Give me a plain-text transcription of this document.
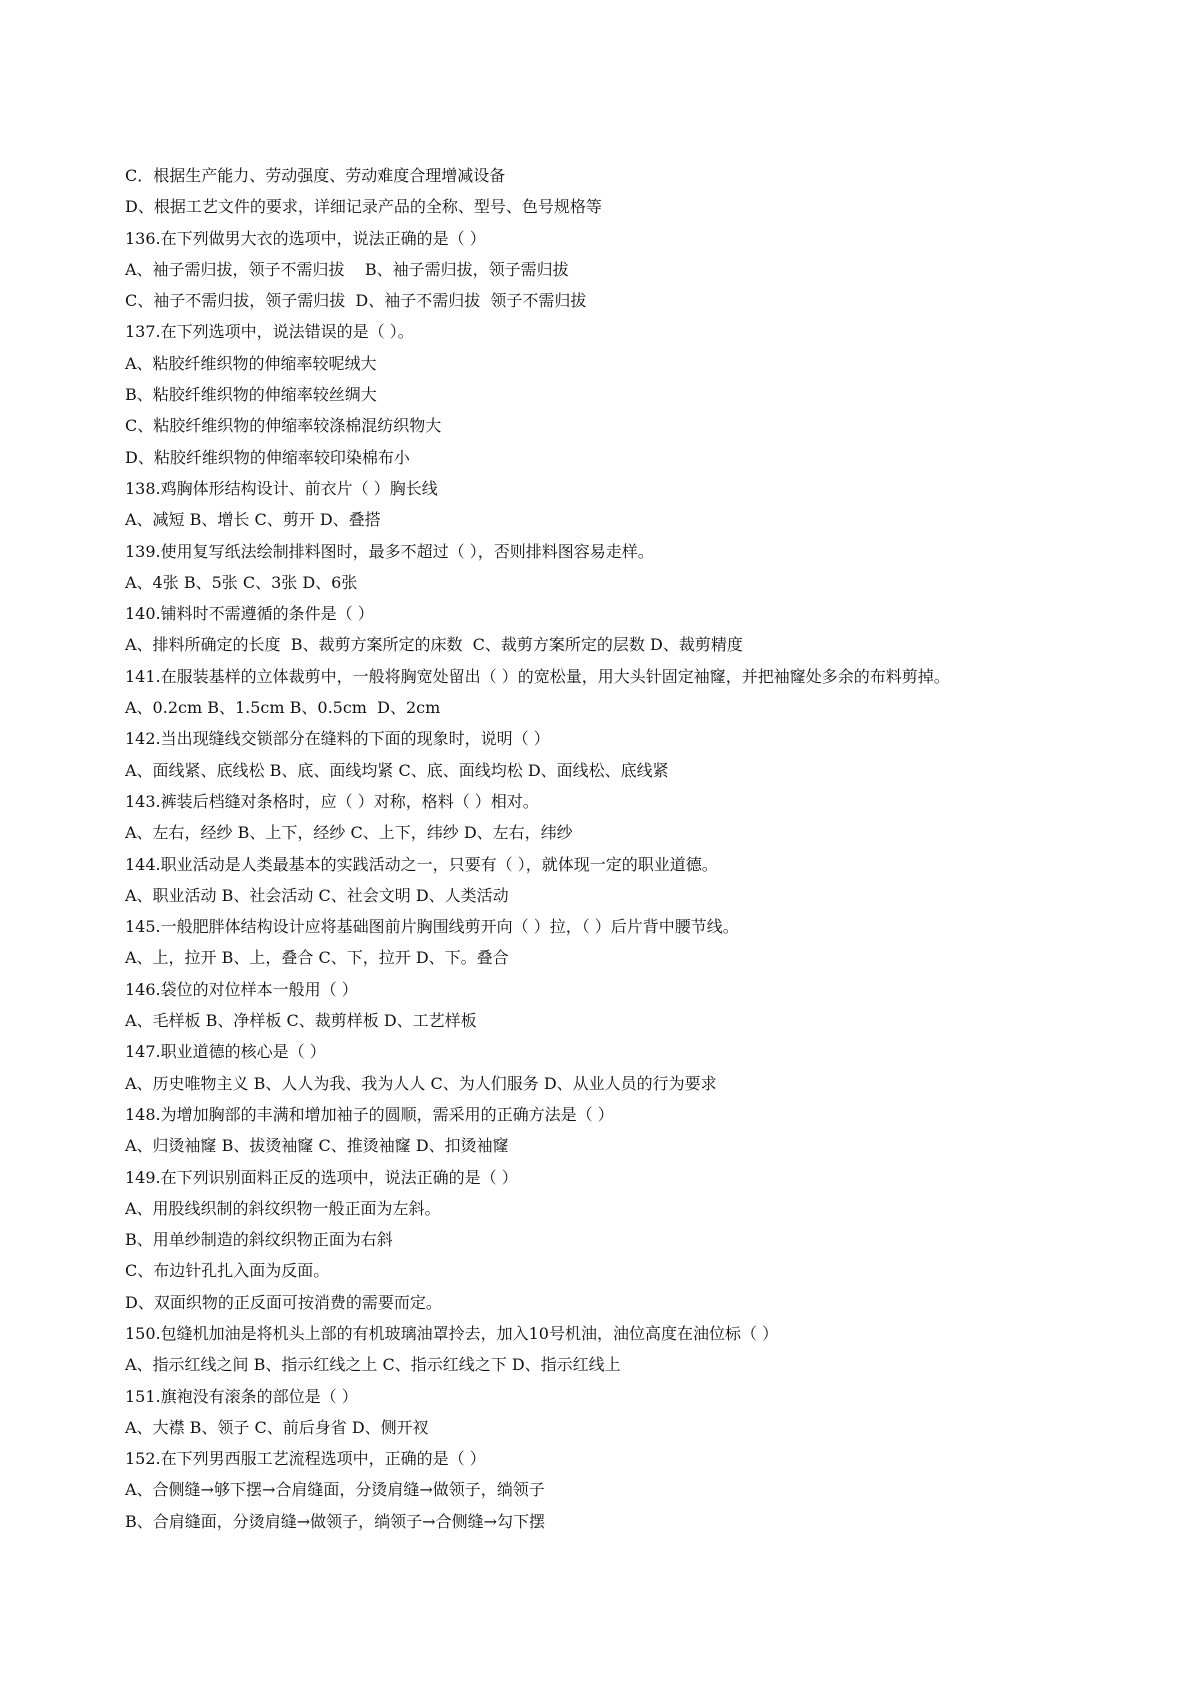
C．根据生产能力、劳动强度、劳动难度合理增减设备
D、根据工艺文件的要求，详细记录产品的全称、型号、色号规格等
136.在下列做男大衣的选项中，说法正确的是（ ）
A、袖子需归拔，领子不需归拔    B、袖子需归拔，领子需归拔
C、袖子不需归拔，领子需归拔  D、袖子不需归拔  领子不需归拔
137.在下列选项中，说法错误的是（ ）。
A、粘胶纤维织物的伸缩率较呢绒大
B、粘胶纤维织物的伸缩率较丝绸大
C、粘胶纤维织物的伸缩率较涤棉混纺织物大
D、粘胶纤维织物的伸缩率较印染棉布小
138.鸡胸体形结构设计、前衣片（ ）胸长线
A、减短 B、增长 C、剪开 D、叠搭
139.使用复写纸法绘制排料图时，最多不超过（ ），否则排料图容易走样。
A、4张 B、5张 C、3张 D、6张
140.铺料时不需遵循的条件是（ ）
A、排料所确定的长度  B、裁剪方案所定的床数  C、裁剪方案所定的层数 D、裁剪精度
141.在服装基样的立体裁剪中，一般将胸宽处留出（ ）的宽松量，用大头针固定袖窿，并把袖窿处多余的布料剪掉。
A、0.2cm B、1.5cm B、0.5cm  D、2cm
142.当出现缝线交锁部分在缝料的下面的现象时，说明（ ）
A、面线紧、底线松 B、底、面线均紧 C、底、面线均松 D、面线松、底线紧
143.裤装后档缝对条格时，应（ ）对称，格料（ ）相对。
A、左右，经纱 B、上下，经纱 C、上下，纬纱 D、左右，纬纱
144.职业活动是人类最基本的实践活动之一，只要有（ ），就体现一定的职业道德。
A、职业活动 B、社会活动 C、社会文明 D、人类活动
145.一般肥胖体结构设计应将基础图前片胸围线剪开向（ ）拉，（ ）后片背中腰节线。
A、上，拉开 B、上，叠合 C、下，拉开 D、下。叠合
146.袋位的对位样本一般用（ ）
A、毛样板 B、净样板 C、裁剪样板 D、工艺样板
147.职业道德的核心是（ ）
A、历史唯物主义 B、人人为我、我为人人 C、为人们服务 D、从业人员的行为要求
148.为增加胸部的丰满和增加袖子的圆顺，需采用的正确方法是（ ）
A、归烫袖窿 B、拔烫袖窿 C、推烫袖窿 D、扣烫袖窿
149.在下列识别面料正反的选项中，说法正确的是（ ）
A、用股线织制的斜纹织物一般正面为左斜。
B、用单纱制造的斜纹织物正面为右斜
C、布边针孔扎入面为反面。
D、双面织物的正反面可按消费的需要而定。
150.包缝机加油是将机头上部的有机玻璃油罩拎去，加入10号机油，油位高度在油位标（ ）
A、指示红线之间 B、指示红线之上 C、指示红线之下 D、指示红线上
151.旗袍没有滚条的部位是（ ）
A、大襟 B、领子 C、前后身省 D、侧开衩
152.在下列男西服工艺流程选项中，正确的是（ ）
A、合侧缝→够下摆→合肩缝面，分烫肩缝→做领子，绱领子
B、合肩缝面，分烫肩缝→做领子，绱领子→合侧缝→勾下摆
